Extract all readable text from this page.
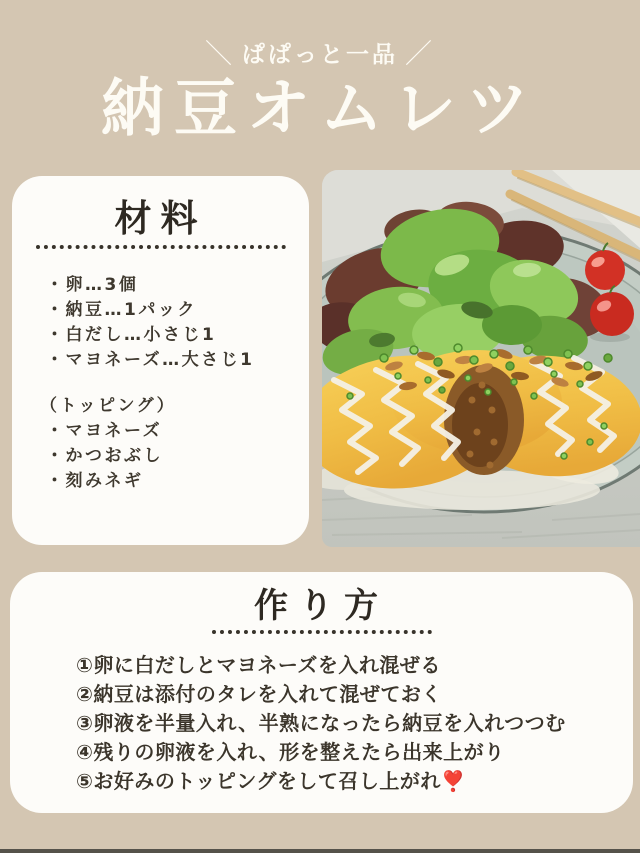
＼ ぱぱっと一品 ／
納豆オムレツ
材料
・卵…3個
・納豆…1パック
・白だし…小さじ1
・マヨネーズ…大さじ1
（トッピング）
・マヨネーズ
・かつおぶし
・刻みネギ
作り方
①卵に白だしとマヨネーズを入れ混ぜる
②納豆は添付のタレを入れて混ぜておく
③卵液を半量入れ、半熟になったら納豆を入れつつむ
④残りの卵液を入れ、形を整えたら出来上がり
⑤お好みのトッピングをして召し上がれ❣️
